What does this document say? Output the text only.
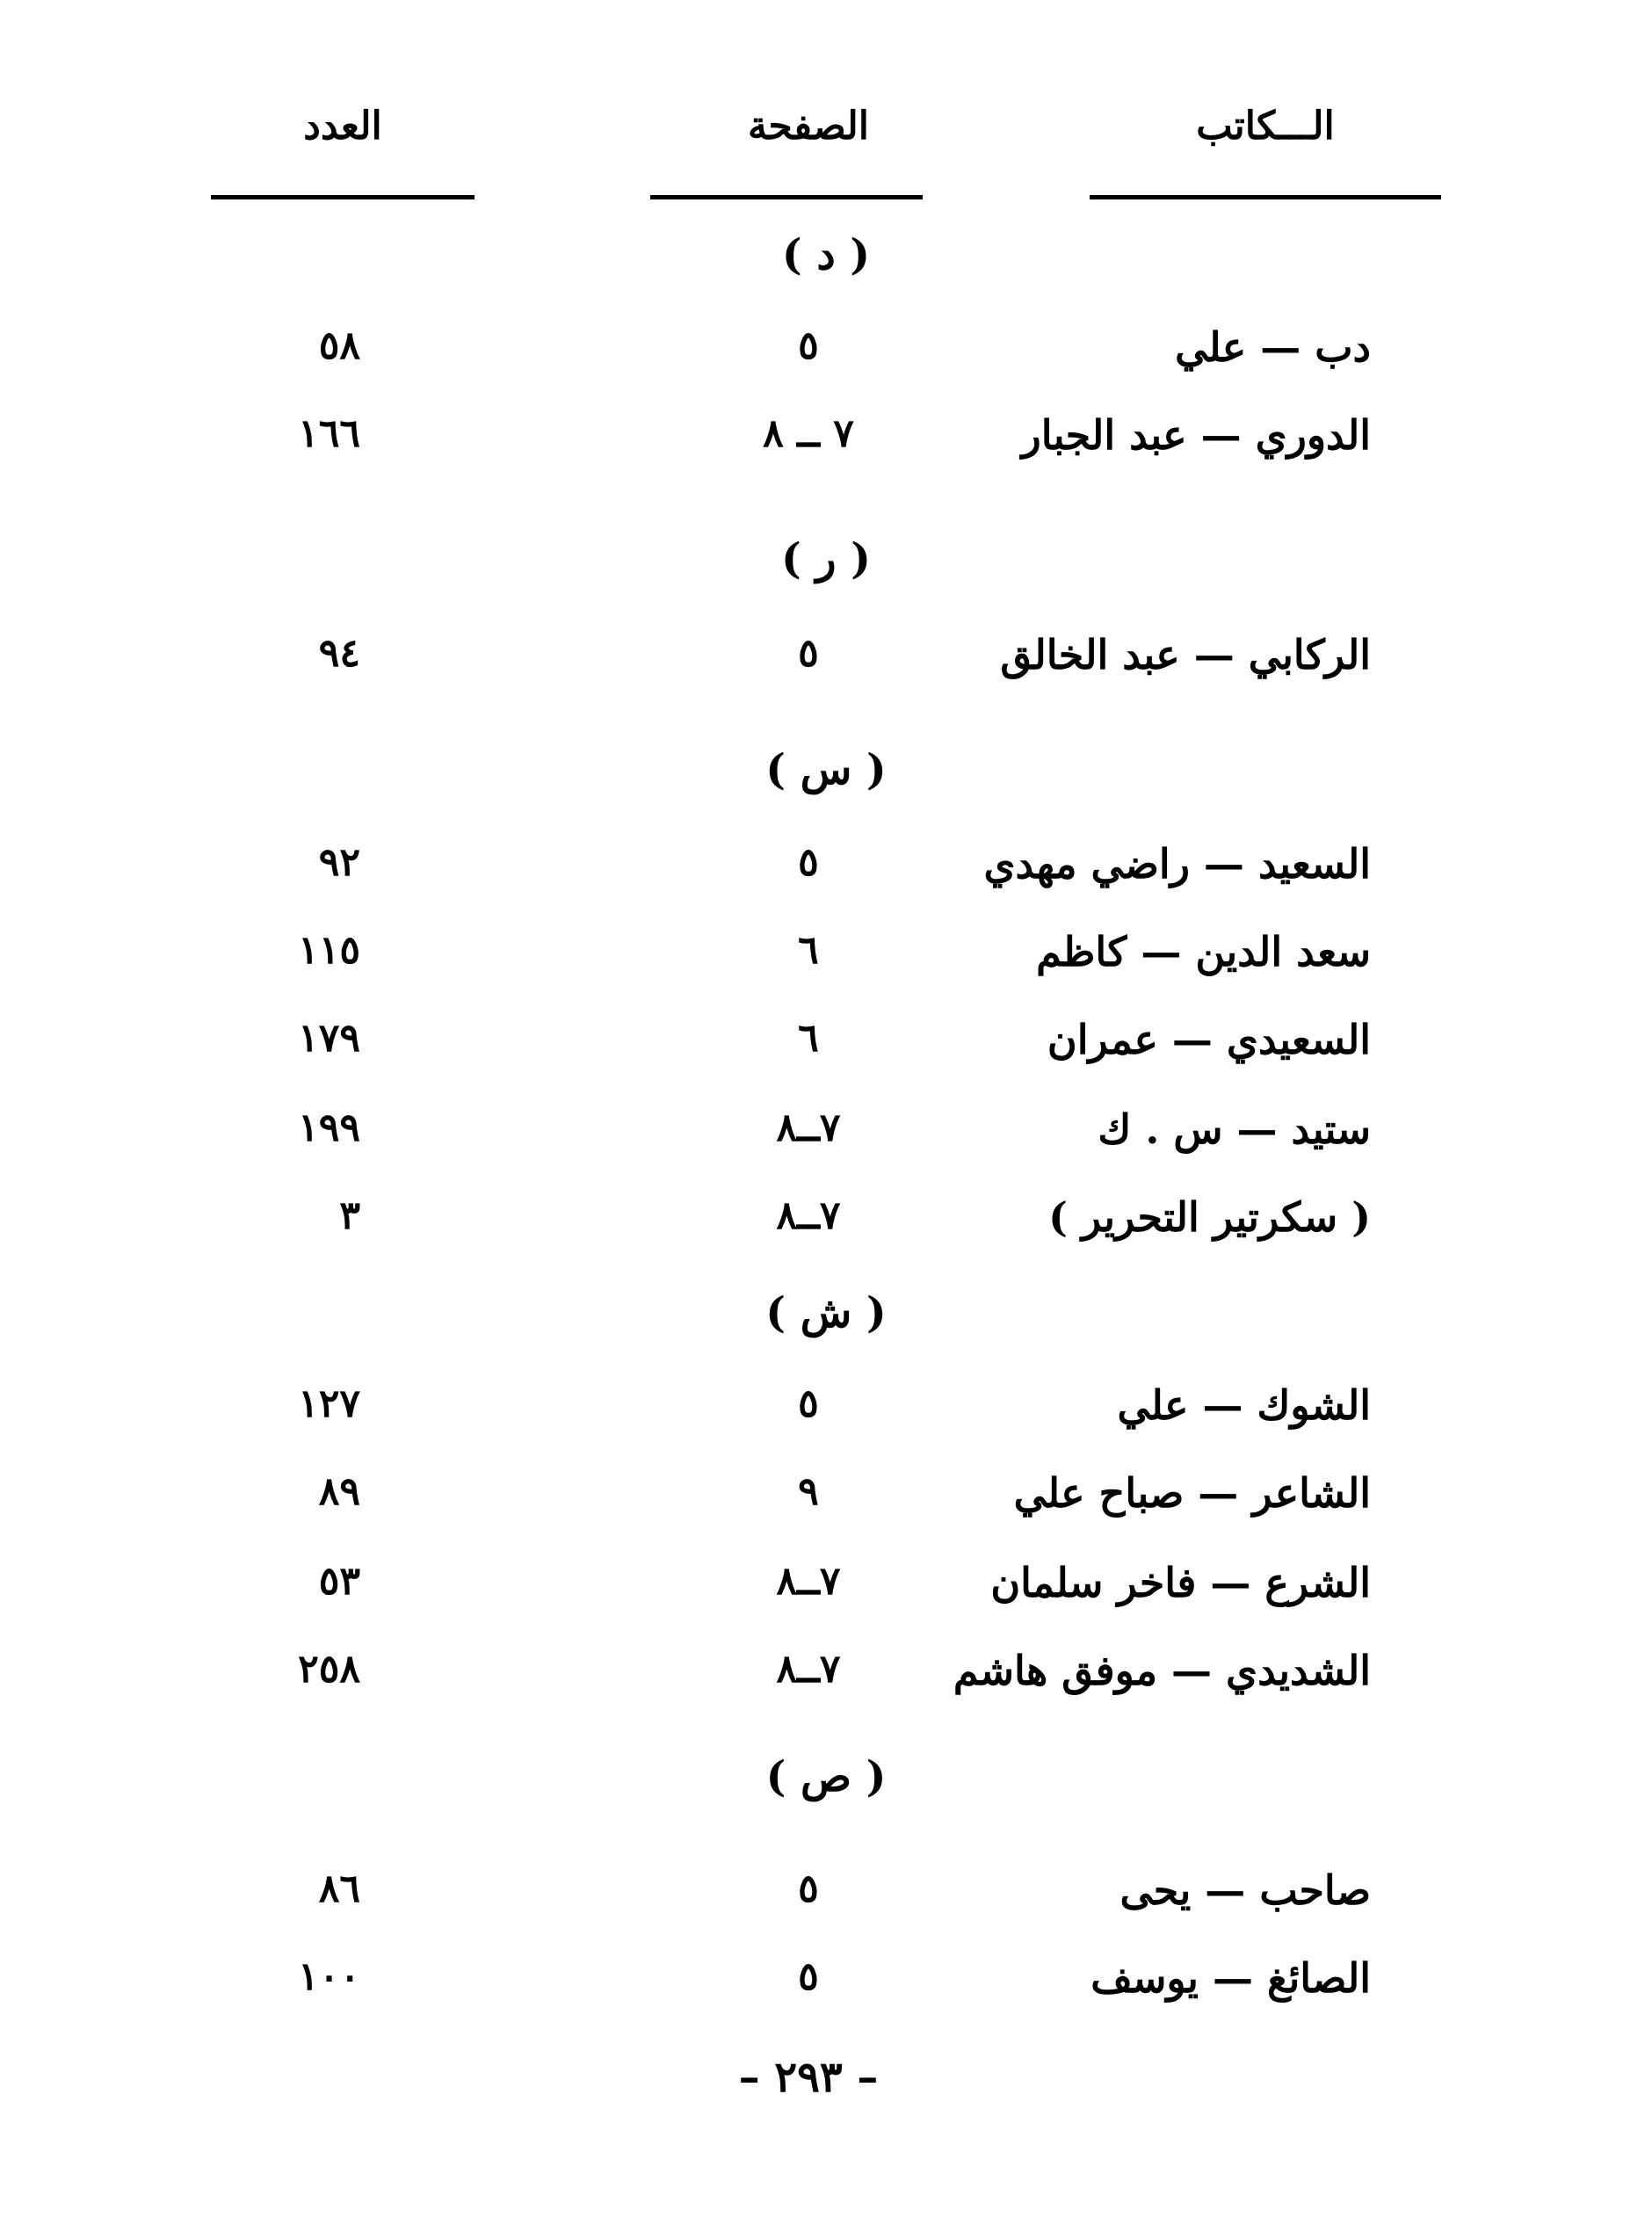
الـــكاتب
الصفحة
العدد
( د )
دب — علي
٥
٥٨
الدوري — عبد الجبار
٧ ــ ٨
١٦٦
( ر )
الركابي — عبد الخالق
٥
٩٤
( س )
السعيد — راضي مهدي
٥
٩٢
سعد الدين — كاظم
٦
١١٥
السعيدي — عمران
٦
١٧٩
ستيد — س . ك
٧ــ٨
١٩٩
( سكرتير التحرير )
٧ــ٨
٣
( ش )
الشوك — علي
٥
١٢٧
الشاعر — صباح علي
٩
٨٩
الشرع — فاخر سلمان
٧ــ٨
٥٣
الشديدي — موفق هاشم
٧ــ٨
٢٥٨
( ص )
صاحب — يحى
٥
٨٦
الصائغ — يوسف
٥
١٠٠
– ٢٩٣ –
